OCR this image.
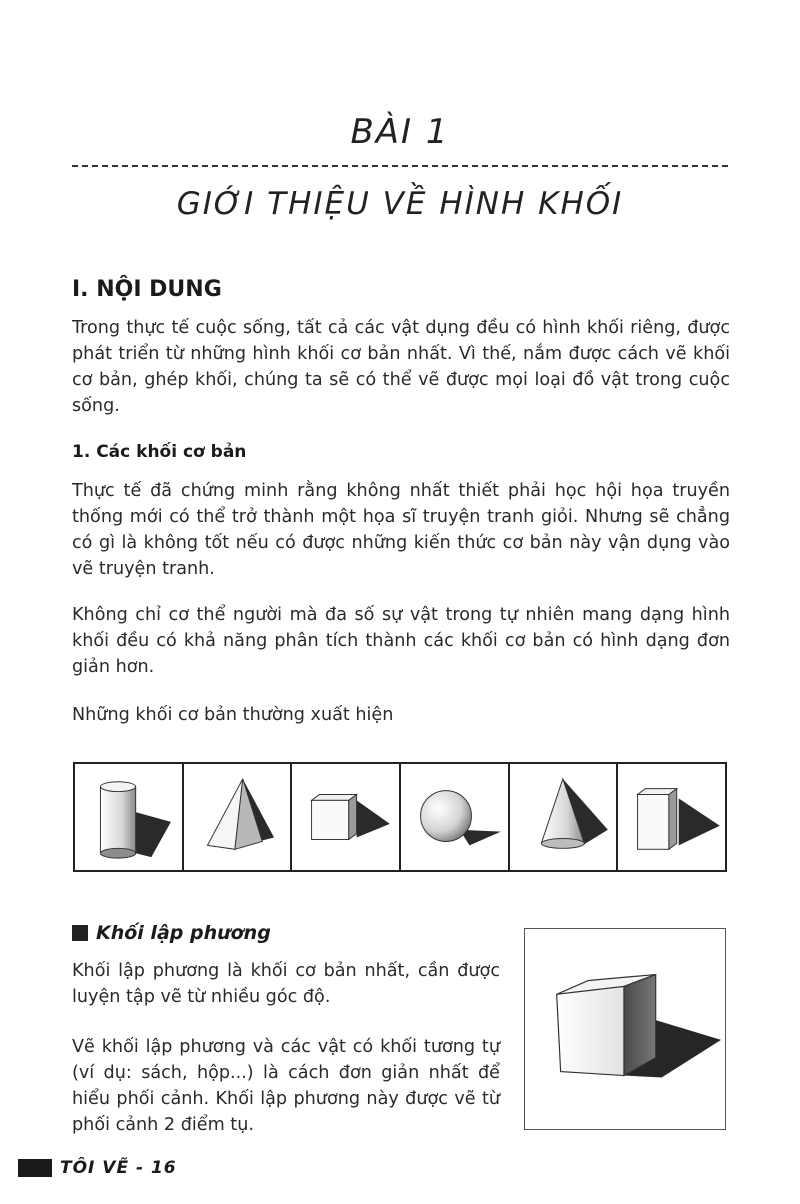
BÀI 1
GIỚI THIỆU VỀ HÌNH KHỐI
I. NỘI DUNG
Trong thực tế cuộc sống, tất cả các vật dụng đều có hình khối riêng, được phát triển từ những hình khối cơ bản nhất. Vì thế, nắm được cách vẽ khối cơ bản, ghép khối, chúng ta sẽ có thể vẽ được mọi loại đồ vật trong cuộc sống.
1. Các khối cơ bản
Thực tế đã chứng minh rằng không nhất thiết phải học hội họa truyền thống mới có thể trở thành một họa sĩ truyện tranh giỏi. Nhưng sẽ chẳng có gì là không tốt nếu có được những kiến thức cơ bản này vận dụng vào vẽ truyện tranh.
Không chỉ cơ thể người mà đa số sự vật trong tự nhiên mang dạng hình khối đều có khả năng phân tích thành các khối cơ bản có hình dạng đơn giản hơn.
Những khối cơ bản thường xuất hiện
Khối lập phương
Khối lập phương là khối cơ bản nhất, cần được luyện tập vẽ từ nhiều góc độ.
Vẽ khối lập phương và các vật có khối tương tự (ví dụ: sách, hộp...) là cách đơn giản nhất để hiểu phối cảnh. Khối lập phương này được vẽ từ phối cảnh 2 điểm tụ.
TÔI VẼ - 16
